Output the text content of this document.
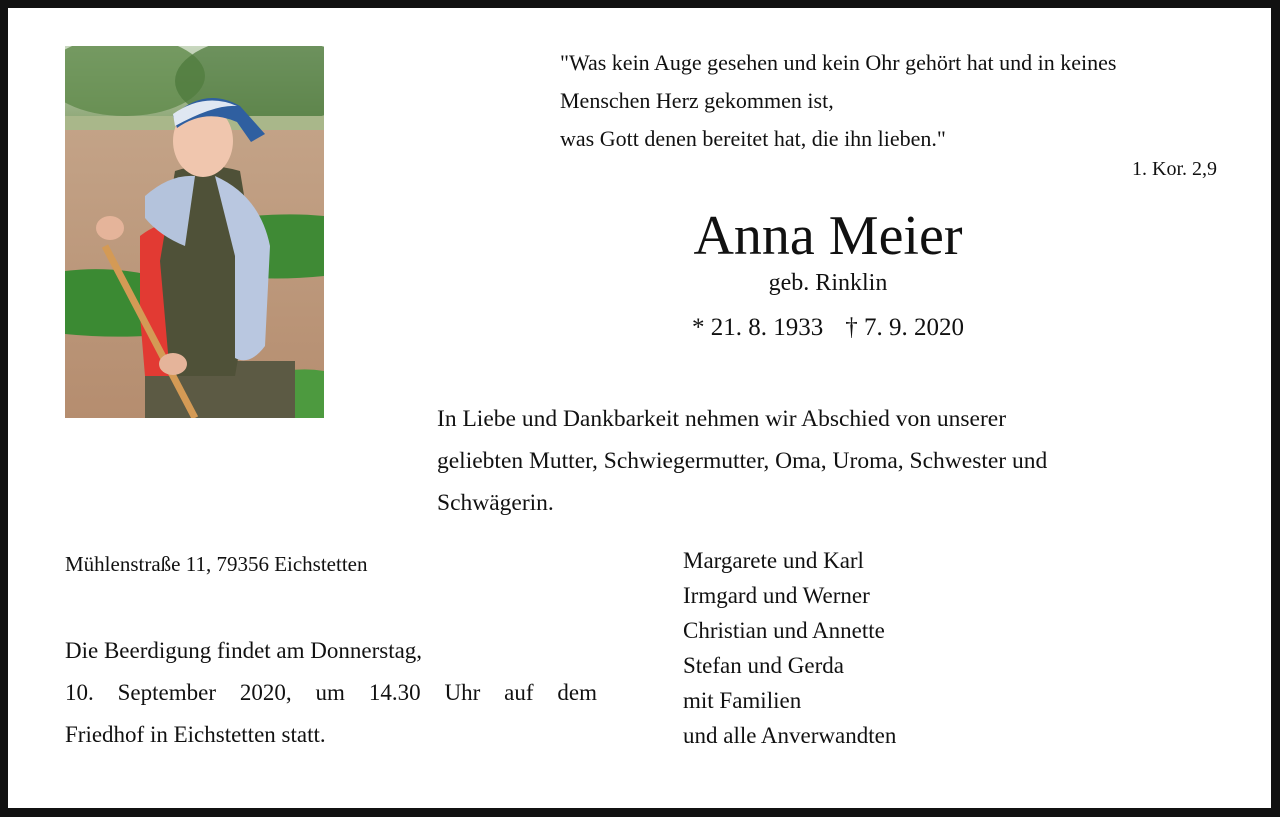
"Was kein Auge gesehen und kein Ohr gehört hat und in keines
Menschen Herz gekommen ist,
was Gott denen bereitet hat, die ihn lieben."
1. Kor. 2,9
Anna Meier
geb. Rinklin
* 21. 8. 1933 † 7. 9. 2020
In Liebe und Dankbarkeit nehmen wir Abschied von unserer
geliebten Mutter, Schwiegermutter, Oma, Uroma, Schwester und
Schwägerin.
Mühlenstraße 11, 79356 Eichstetten
Die Beerdigung findet am Donnerstag,
10. September 2020, um 14.30 Uhr auf dem
Friedhof in Eichstetten statt.
Margarete und Karl
Irmgard und Werner
Christian und Annette
Stefan und Gerda
mit Familien
und alle Anverwandten
